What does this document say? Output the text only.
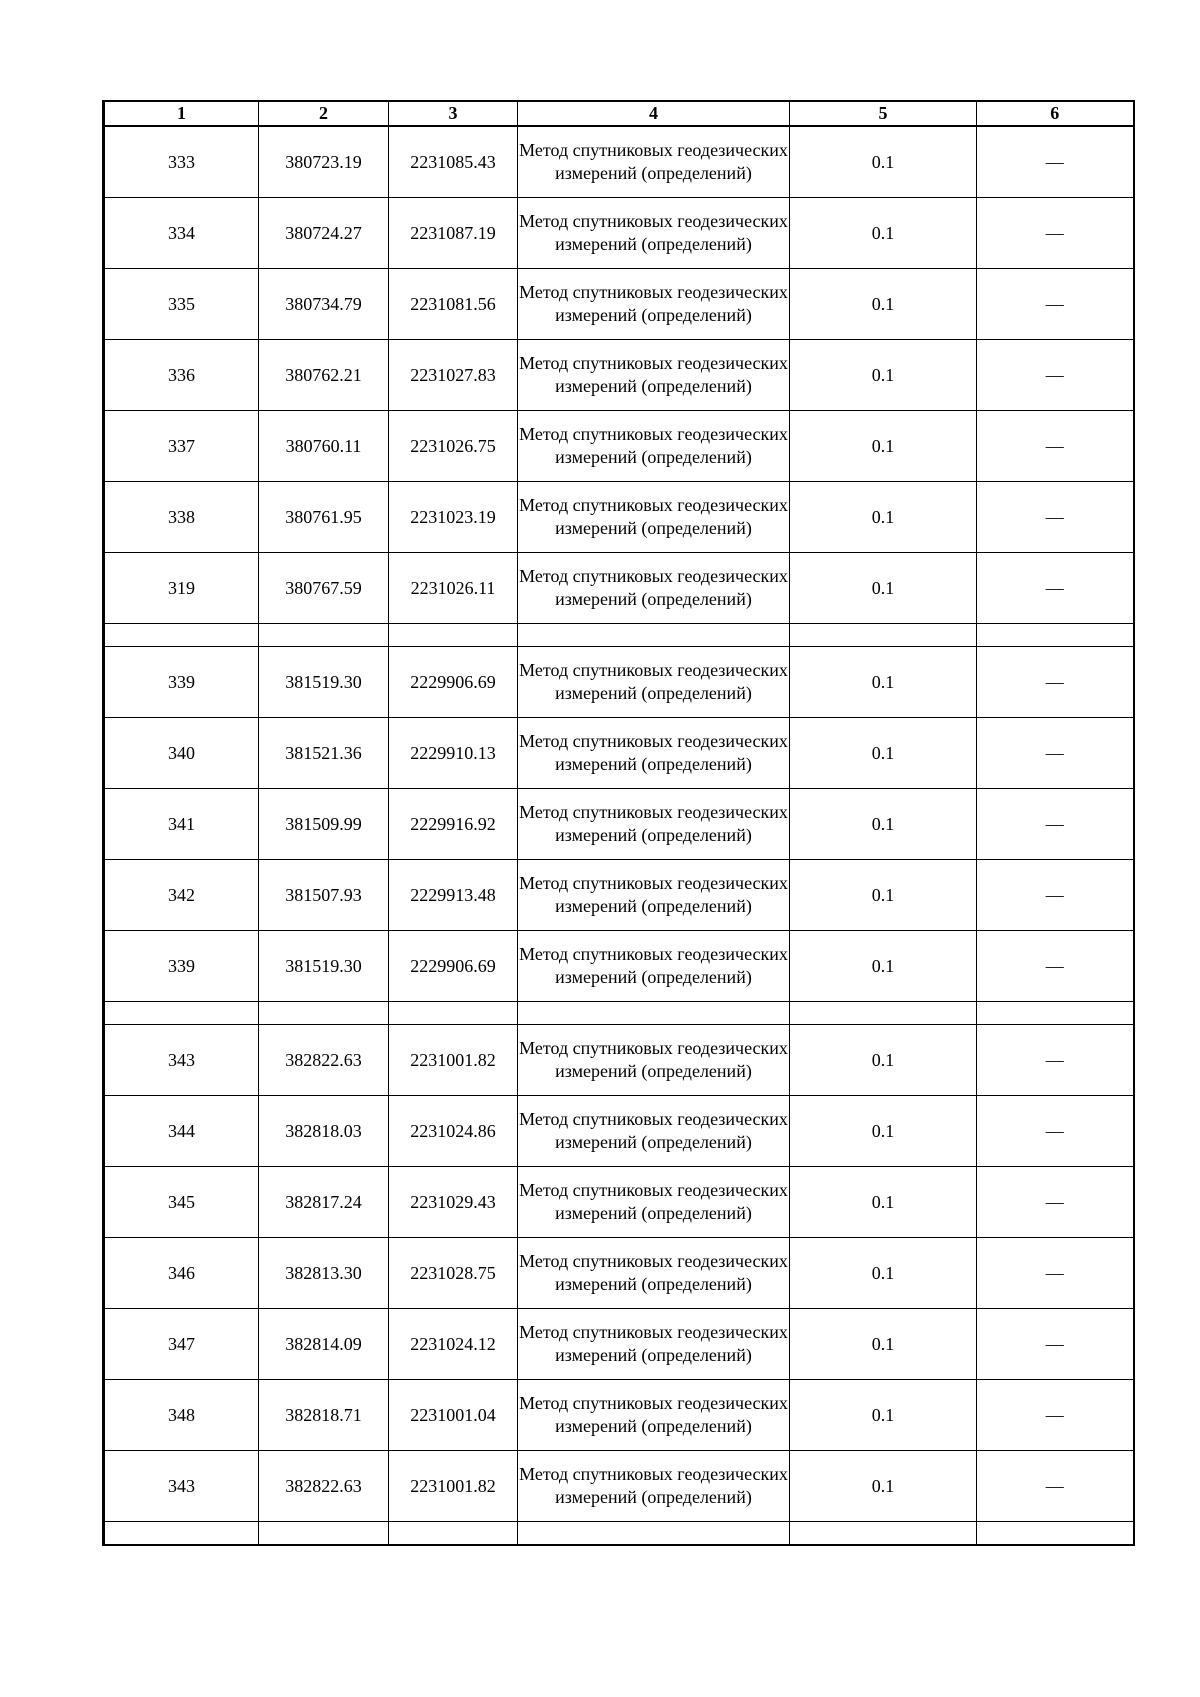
1	2	3	4	5	6
333	380723.19	2231085.43	Метод спутниковых геодезических измерений (определений)	0.1	—
334	380724.27	2231087.19	Метод спутниковых геодезических измерений (определений)	0.1	—
335	380734.79	2231081.56	Метод спутниковых геодезических измерений (определений)	0.1	—
336	380762.21	2231027.83	Метод спутниковых геодезических измерений (определений)	0.1	—
337	380760.11	2231026.75	Метод спутниковых геодезических измерений (определений)	0.1	—
338	380761.95	2231023.19	Метод спутниковых геодезических измерений (определений)	0.1	—
319	380767.59	2231026.11	Метод спутниковых геодезических измерений (определений)	0.1	—

339	381519.30	2229906.69	Метод спутниковых геодезических измерений (определений)	0.1	—
340	381521.36	2229910.13	Метод спутниковых геодезических измерений (определений)	0.1	—
341	381509.99	2229916.92	Метод спутниковых геодезических измерений (определений)	0.1	—
342	381507.93	2229913.48	Метод спутниковых геодезических измерений (определений)	0.1	—
339	381519.30	2229906.69	Метод спутниковых геодезических измерений (определений)	0.1	—

343	382822.63	2231001.82	Метод спутниковых геодезических измерений (определений)	0.1	—
344	382818.03	2231024.86	Метод спутниковых геодезических измерений (определений)	0.1	—
345	382817.24	2231029.43	Метод спутниковых геодезических измерений (определений)	0.1	—
346	382813.30	2231028.75	Метод спутниковых геодезических измерений (определений)	0.1	—
347	382814.09	2231024.12	Метод спутниковых геодезических измерений (определений)	0.1	—
348	382818.71	2231001.04	Метод спутниковых геодезических измерений (определений)	0.1	—
343	382822.63	2231001.82	Метод спутниковых геодезических измерений (определений)	0.1	—
